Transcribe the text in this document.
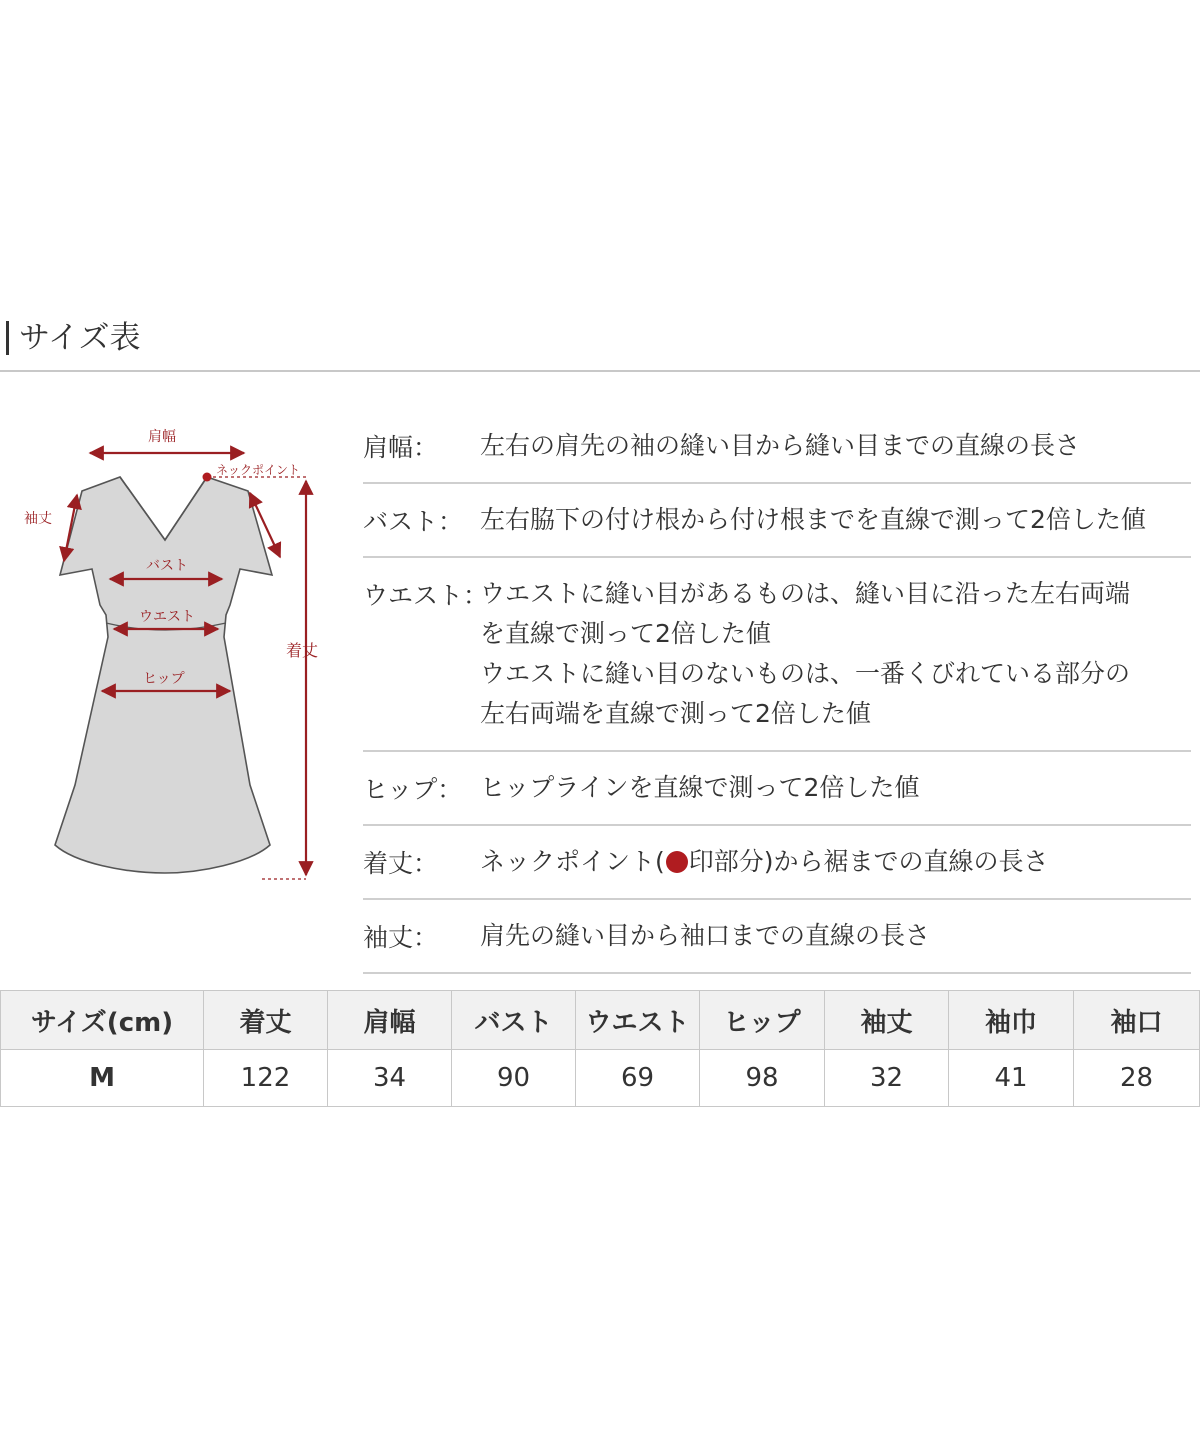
サイズ表
肩幅
ネックポイント
袖丈
バスト
ウエスト
着丈
ヒップ
肩幅： 左右の肩先の袖の縫い目から縫い目までの直線の長さ
バスト： 左右脇下の付け根から付け根までを直線で測って2倍した値
ウエスト：
ウエストに縫い目があるものは、縫い目に沿った左右両端
を直線で測って2倍した値
ウエストに縫い目のないものは、一番くびれている部分の
左右両端を直線で測って2倍した値
ヒップ： ヒップラインを直線で測って2倍した値
着丈： ネックポイント( 印部分)から裾までの直線の長さ
袖丈： 肩先の縫い目から袖口までの直線の長さ
サイズ(cm)	着丈	肩幅	バスト	ウエスト	ヒップ	袖丈	袖巾	袖口
M	122	34	90	69	98	32	41	28
